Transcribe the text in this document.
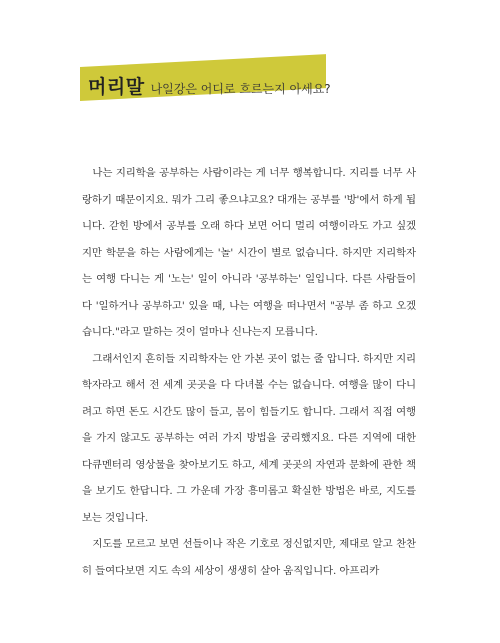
머리말 나일강은 어디로 흐르는지 아세요?

나는 지리학을 공부하는 사람이라는 게 너무 행복합니다. 지리를 너무 사랑하기 때문이지요. 뭐가 그리 좋으냐고요? 대개는 공부를 '방'에서 하게 됩니다. 갇힌 방에서 공부를 오래 하다 보면 어디 멀리 여행이라도 가고 싶겠지만 학문을 하는 사람에게는 '놀' 시간이 별로 없습니다. 하지만 지리학자는 여행 다니는 게 '노는' 일이 아니라 '공부하는' 일입니다. 다른 사람들이 다 '일하거나 공부하고' 있을 때, 나는 여행을 떠나면서 "공부 좀 하고 오겠습니다."라고 말하는 것이 얼마나 신나는지 모릅니다.

그래서인지 흔히들 지리학자는 안 가본 곳이 없는 줄 압니다. 하지만 지리학자라고 해서 전 세계 곳곳을 다 다녀볼 수는 없습니다. 여행을 많이 다니려고 하면 돈도 시간도 많이 들고, 몸이 힘들기도 합니다. 그래서 직접 여행을 가지 않고도 공부하는 여러 가지 방법을 궁리했지요. 다른 지역에 대한 다큐멘터리 영상물을 찾아보기도 하고, 세계 곳곳의 자연과 문화에 관한 책을 보기도 한답니다. 그 가운데 가장 흥미롭고 확실한 방법은 바로, 지도를 보는 것입니다.

지도를 모르고 보면 선들이나 작은 기호로 정신없지만, 제대로 알고 찬찬히 들여다보면 지도 속의 세상이 생생히 살아 움직입니다. 아프리카
